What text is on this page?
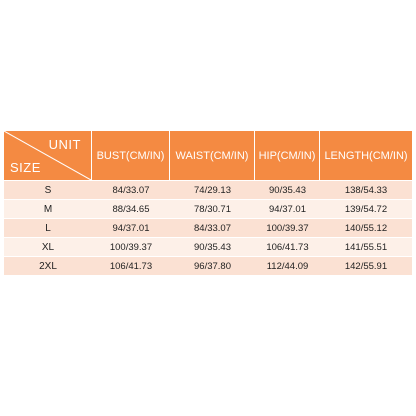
UNIT
SIZE	BUST(CM/IN)	WAIST(CM/IN)	HIP(CM/IN)	LENGTH(CM/IN)
S	84/33.07	74/29.13	90/35.43	138/54.33
M	88/34.65	78/30.71	94/37.01	139/54.72
L	94/37.01	84/33.07	100/39.37	140/55.12
XL	100/39.37	90/35.43	106/41.73	141/55.51
2XL	106/41.73	96/37.80	112/44.09	142/55.91
